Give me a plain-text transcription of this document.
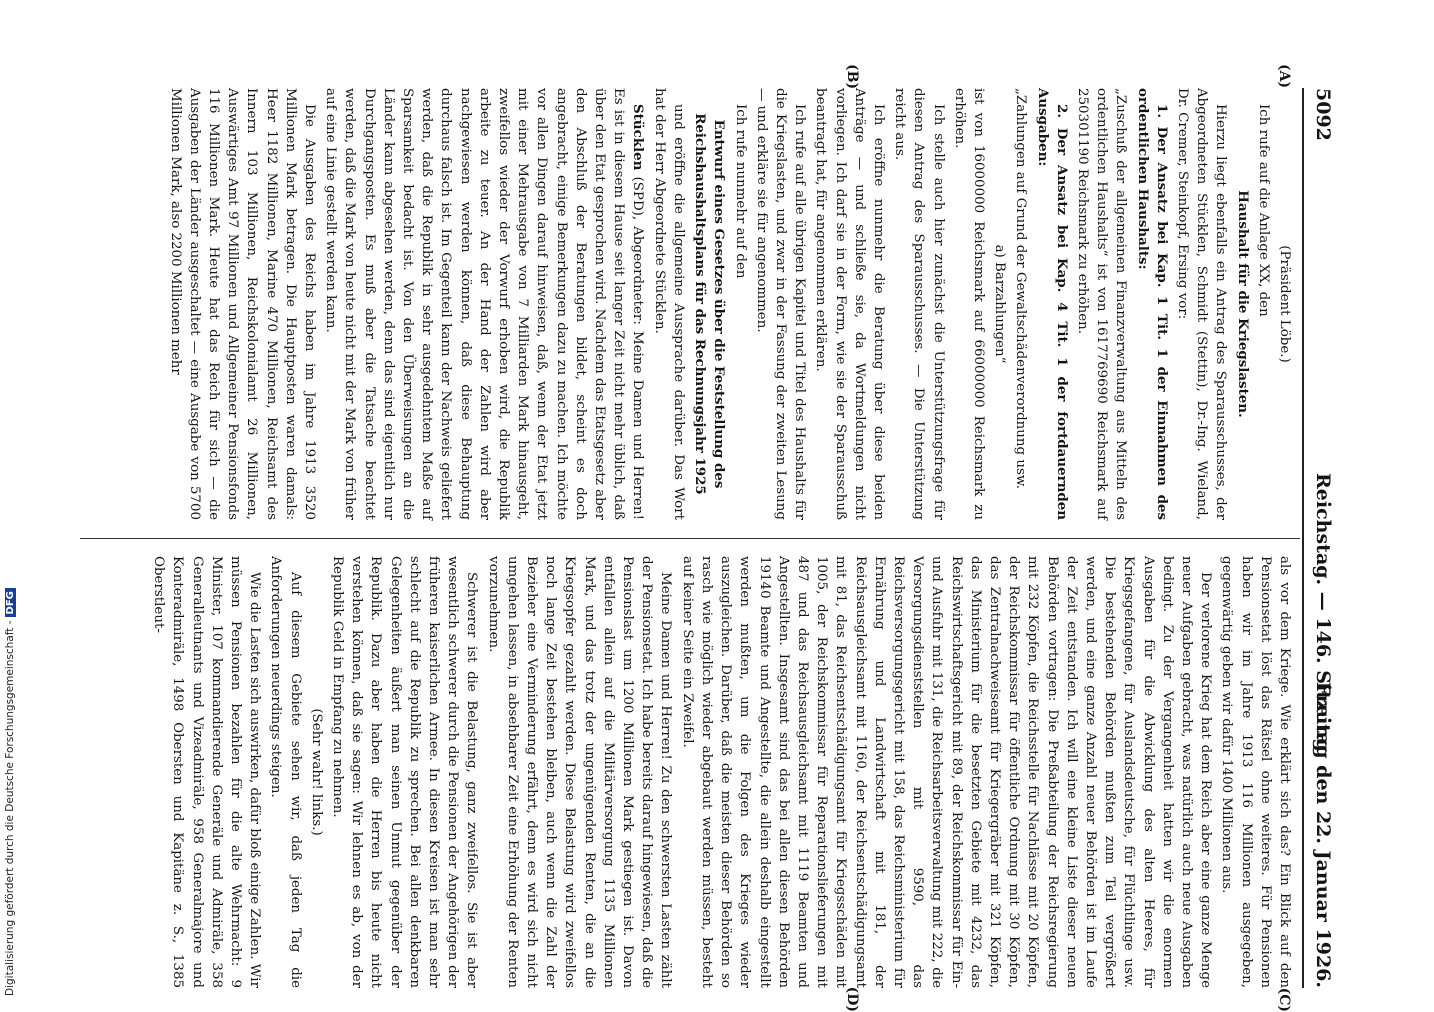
5092
Reichstag. — 146. Sitzung.
Freitag den 22. Januar 1926.
(A)
(B)
(C)
(D)

(Präsident Löbe.)

Ich rufe auf die Anlage XX, den

Haushalt für die Kriegslasten.

Hierzu liegt ebenfalls ein Antrag des Sparausschusses, der Abgeordneten Stücklen, Schmidt (Stettin), Dr.-Ing. Wieland, Dr. Cremer, Steinkopf, Ersing vor:

1. Der Ansatz bei Kap. 1 Tit. 1 der Einnahmen des ordentlichen Haushalts:

„Zuschuß der allgemeinen Finanzverwaltung aus Mitteln des ordentlichen Haushalts“ ist von 1617769690 Reichsmark auf 250301190 Reichsmark zu erhöhen.

2. Der Ansatz bei Kap. 4 Tit. 1 der fortdauernden Ausgaben:

„Zahlungen auf Grund der Gewaltschädenverordnung usw.

a) Barzahlungen“

ist von 16000000 Reichsmark auf 66000000 Reichsmark zu erhöhen.

Ich stelle auch hier zunächst die Unterstützungsfrage für diesen Antrag des Sparausschusses. — Die Unterstützung reicht aus.

Ich eröffne nunmehr die Beratung über diese beiden Anträge — und schließe sie, da Wortmeldungen nicht vorliegen. Ich darf sie in der Form, wie sie der Sparausschuß beantragt hat, für angenommen erklären.

Ich rufe auf alle übrigen Kapitel und Titel des Haushalts für die Kriegslasten, und zwar in der Fassung der zweiten Lesung — und erkläre sie für angenommen.

Ich rufe nunmehr auf den

Entwurf eines Gesetzes über die Feststellung des Reichshaushaltsplans für das Rechnungsjahr 1925

und eröffne die allgemeine Aussprache darüber. Das Wort hat der Herr Abgeordnete Stücklen.

Stücklen (SPD), Abgeordneter: Meine Damen und Herren! Es ist in diesem Hause seit langer Zeit nicht mehr üblich, daß über den Etat gesprochen wird. Nachdem das Etatsgesetz aber den Abschluß der Beratungen bildet, scheint es doch angebracht, einige Bemerkungen dazu zu machen. Ich möchte vor allen Dingen darauf hinweisen, daß, wenn der Etat jetzt mit einer Mehrausgabe von 7 Milliarden Mark hinausgeht, zweifellos wieder der Vorwurf erhoben wird, die Republik arbeite zu teuer. An der Hand der Zahlen wird aber nachgewiesen werden können, daß diese Behauptung durchaus falsch ist. Im Gegenteil kann der Nachweis geliefert werden, daß die Republik in sehr ausgedehntem Maße auf Sparsamkeit bedacht ist. Von den Überweisungen an die Länder kann abgesehen werden, denn das sind eigentlich nur Durchgangsposten. Es muß aber die Tatsache beachtet werden, daß die Mark von heute nicht mit der Mark von früher auf eine Linie gestellt werden kann.

Die Ausgaben des Reichs haben im Jahre 1913 3520 Millionen Mark betragen. Die Hauptposten waren damals: Heer 1182 Millionen, Marine 470 Millionen, Reichsamt des Innern 103 Millionen, Reichskolonialamt 26 Millionen, Auswärtiges Amt 97 Millionen und Allgemeiner Pensionsfonds 116 Millionen Mark. Heute hat das Reich für sich — die Ausgaben der Länder ausgeschaltet — eine Ausgabe von 5700 Millionen Mark, also 2200 Millionen mehr

als vor dem Kriege. Wie erklärt sich das? Ein Blick auf den Pensionsetat löst das Rätsel ohne weiteres. Für Pensionen haben wir im Jahre 1913 116 Millionen ausgegeben, gegenwärtig geben wir dafür 1400 Millionen aus.

Der verlorene Krieg hat dem Reich aber eine ganze Menge neuer Aufgaben gebracht, was natürlich auch neue Ausgaben bedingt. Zu der Vergangenheit hatten wir die enormen Ausgaben für die Abwicklung des alten Heeres, für Kriegsgefangene, für Auslandsdeutsche, für Flüchtlinge usw. Die bestehenden Behörden mußten zum Teil vergrößert werden, und eine ganze Anzahl neuer Behörden ist im Laufe der Zeit entstanden. Ich will eine kleine Liste dieser neuen Behörden vortragen: Die Preßabteilung der Reichsregierung mit 232 Köpfen, die Reichsstelle für Nachlässe mit 20 Köpfen, der Reichskommissar für öffentliche Ordnung mit 30 Köpfen, das Zentralnachweiseamt für Kriegergräber mit 321 Köpfen, das Ministerium für die besetzten Gebiete mit 4232, das Reichswirtschaftsgericht mit 89, der Reichskommissar für Ein- und Ausfuhr mit 131, die Reichsarbeitsverwaltung mit 222, die Versorgungsdienststellen mit 9590, das Reichsversorgungsgericht mit 158, das Reichsministerium für Ernährung und Landwirtschaft mit 181, der Reichsausgleichsamt mit 1160, der Reichsentschädigungsamt mit 81, das Reichsentschädigungsamt für Kriegsschäden mit 1005, der Reichskommissar für Reparationslieferungen mit 487 und das Reichsausgleichsamt mit 1119 Beamten und Angestellten. Insgesamt sind das bei allen diesen Behörden 19140 Beamte und Angestellte, die allein deshalb eingestellt werden mußten, um die Folgen des Krieges wieder auszugleichen. Darüber, daß die meisten dieser Behörden so rasch wie möglich wieder abgebaut werden müssen, besteht auf keiner Seite ein Zweifel.

Meine Damen und Herren! Zu den schwersten Lasten zählt der Pensionsetat. Ich habe bereits darauf hingewiesen, daß die Pensionslast um 1200 Millionen Mark gestiegen ist. Davon entfallen allein auf die Militärversorgung 1135 Millionen Mark, und das trotz der ungenügenden Renten, die an die Kriegsopfer gezahlt werden. Diese Belastung wird zweifellos noch lange Zeit bestehen bleiben, auch wenn die Zahl der Bezieher eine Verminderung erfährt, denn es wird sich nicht umgehen lassen, in absehbarer Zeit eine Erhöhung der Renten vorzunehmen.

Schwerer ist die Belastung, ganz zweifellos. Sie ist aber wesentlich schwerer durch die Pensionen der Angehörigen der früheren kaiserlichen Armee. In diesen Kreisen ist man sehr schlecht auf die Republik zu sprechen. Bei allen denkbaren Gelegenheiten äußert man seinen Unmut gegenüber der Republik. Dazu aber haben die Herren bis heute nicht verstehen können, daß sie sagen: Wir lehnen es ab, von der Republik Geld in Empfang zu nehmen.

(Sehr wahr! links.)

Auf diesem Gebiete sehen wir, daß jeden Tag die Anforderungen neuerdings steigen.

Wie die Lasten sich auswirken, dafür bloß einige Zahlen. Wir müssen Pensionen bezahlen für die alte Wehrmacht: 9 Minister, 107 kommandierende Generäle und Admiräle, 358 Generalleutnants und Vizeadmiräle, 958 Generalmajore und Konteradmiräle, 1498 Obersten und Kapitäne z. S., 1385 Oberstleut-

Digitalisierung gefördert durch die Deutsche Forschungsgemeinschaft -DFG
